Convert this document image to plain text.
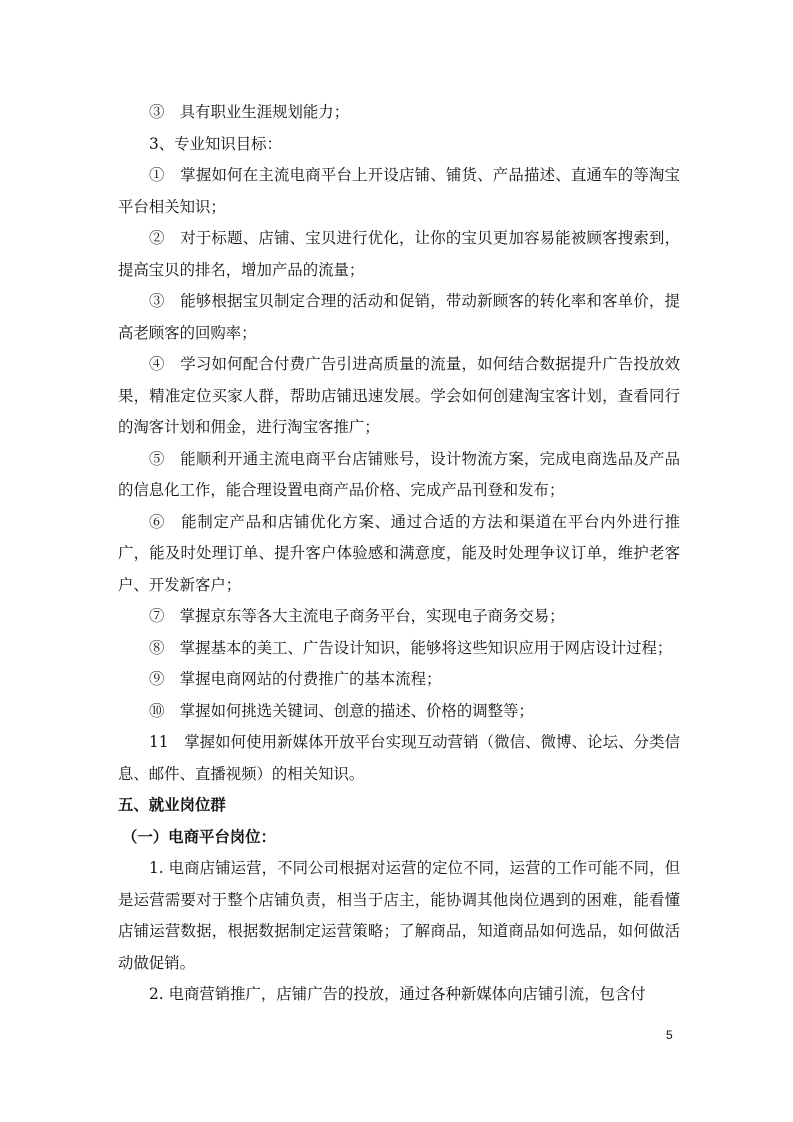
③　具有职业生涯规划能力；

3、专业知识目标：

①　掌握如何在主流电商平台上开设店铺、铺货、产品描述、直通车的等淘宝平台相关知识；

②　对于标题、店铺、宝贝进行优化，让你的宝贝更加容易能被顾客搜索到，提高宝贝的排名，增加产品的流量；

③　能够根据宝贝制定合理的活动和促销，带动新顾客的转化率和客单价，提高老顾客的回购率；

④　学习如何配合付费广告引进高质量的流量，如何结合数据提升广告投放效果，精准定位买家人群，帮助店铺迅速发展。学会如何创建淘宝客计划，查看同行的淘客计划和佣金，进行淘宝客推广；

⑤　能顺利开通主流电商平台店铺账号，设计物流方案，完成电商选品及产品的信息化工作，能合理设置电商产品价格、完成产品刊登和发布；

⑥　能制定产品和店铺优化方案、通过合适的方法和渠道在平台内外进行推广，能及时处理订单、提升客户体验感和满意度，能及时处理争议订单，维护老客户、开发新客户；

⑦　掌握京东等各大主流电子商务平台，实现电子商务交易；

⑧　掌握基本的美工、广告设计知识，能够将这些知识应用于网店设计过程；

⑨　掌握电商网站的付费推广的基本流程；

⑩　掌握如何挑选关键词、创意的描述、价格的调整等；

11　掌握如何使用新媒体开放平台实现互动营销（微信、微博、论坛、分类信息、邮件、直播视频）的相关知识。

五、就业岗位群

（一）电商平台岗位：

1. 电商店铺运营，不同公司根据对运营的定位不同，运营的工作可能不同，但是运营需要对于整个店铺负责，相当于店主，能协调其他岗位遇到的困难，能看懂店铺运营数据，根据数据制定运营策略；了解商品，知道商品如何选品，如何做活动做促销。

2. 电商营销推广，店铺广告的投放，通过各种新媒体向店铺引流，包含付

5
